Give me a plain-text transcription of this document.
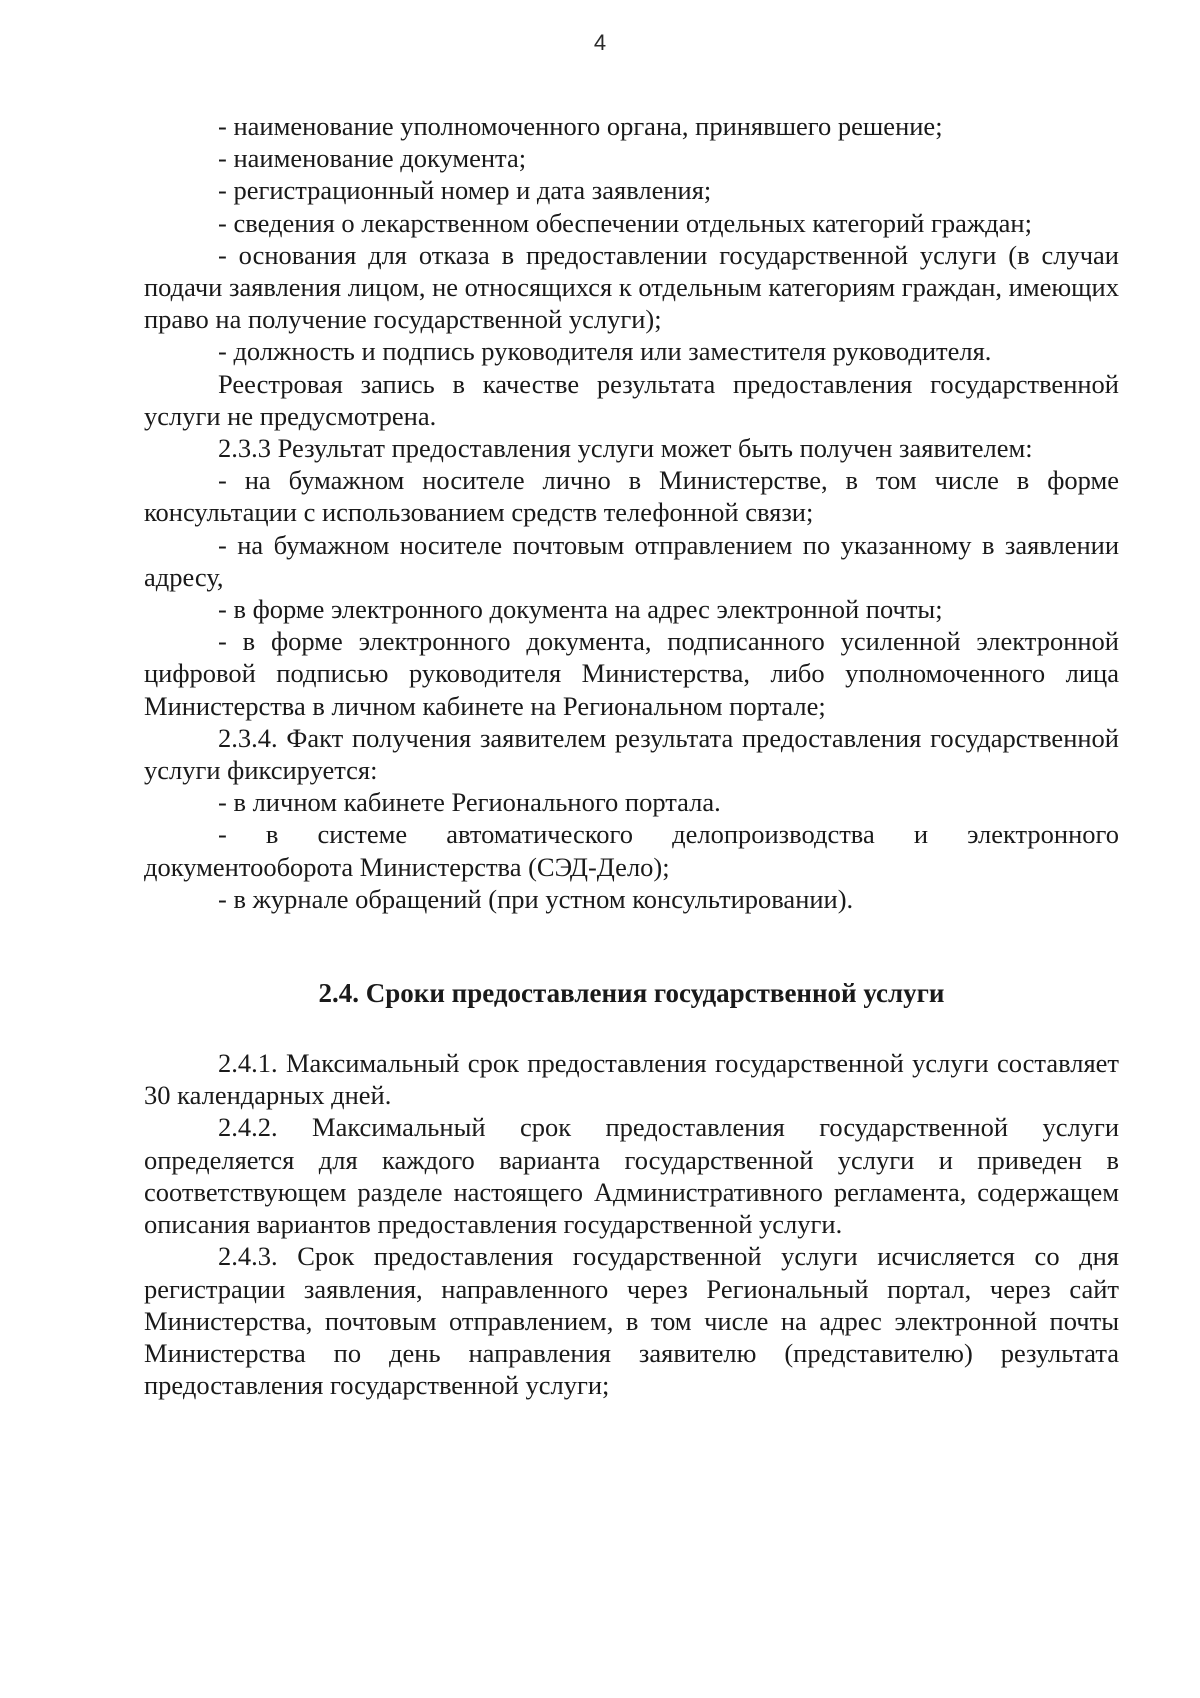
4

- наименование уполномоченного органа, принявшего решение;

- наименование документа;

- регистрационный номер и дата заявления;

- сведения о лекарственном обеспечении отдельных категорий граждан;

- основания для отказа в предоставлении государственной услуги (в случаи подачи заявления лицом, не относящихся к отдельным категориям граждан, имеющих право на получение государственной услуги);

- должность и подпись руководителя или заместителя руководителя.

Реестровая запись в качестве результата предоставления государственной услуги не предусмотрена.

2.3.3 Результат предоставления услуги может быть получен заявителем:

- на бумажном носителе лично в Министерстве, в том числе в форме консультации с использованием средств телефонной связи;

- на бумажном носителе почтовым отправлением по указанному в заявлении адресу,

- в форме электронного документа на адрес электронной почты;

- в форме электронного документа, подписанного усиленной электронной цифровой подписью руководителя Министерства, либо уполномоченного лица Министерства в личном кабинете на Региональном портале;

2.3.4. Факт получения заявителем результата предоставления государственной услуги фиксируется:

- в личном кабинете Регионального портала.

- в системе автоматического делопроизводства и электронного документооборота Министерства (СЭД-Дело);

- в журнале обращений (при устном консультировании).

2.4. Сроки предоставления государственной услуги

2.4.1. Максимальный срок предоставления государственной услуги составляет 30 календарных дней.

2.4.2. Максимальный срок предоставления государственной услуги определяется для каждого варианта государственной услуги и приведен в соответствующем разделе настоящего Административного регламента, содержащем описания вариантов предоставления государственной услуги.

2.4.3. Срок предоставления государственной услуги исчисляется со дня регистрации заявления, направленного через Региональный портал, через сайт Министерства, почтовым отправлением, в том числе на адрес электронной почты Министерства по день направления заявителю (представителю) результата предоставления государственной услуги;
